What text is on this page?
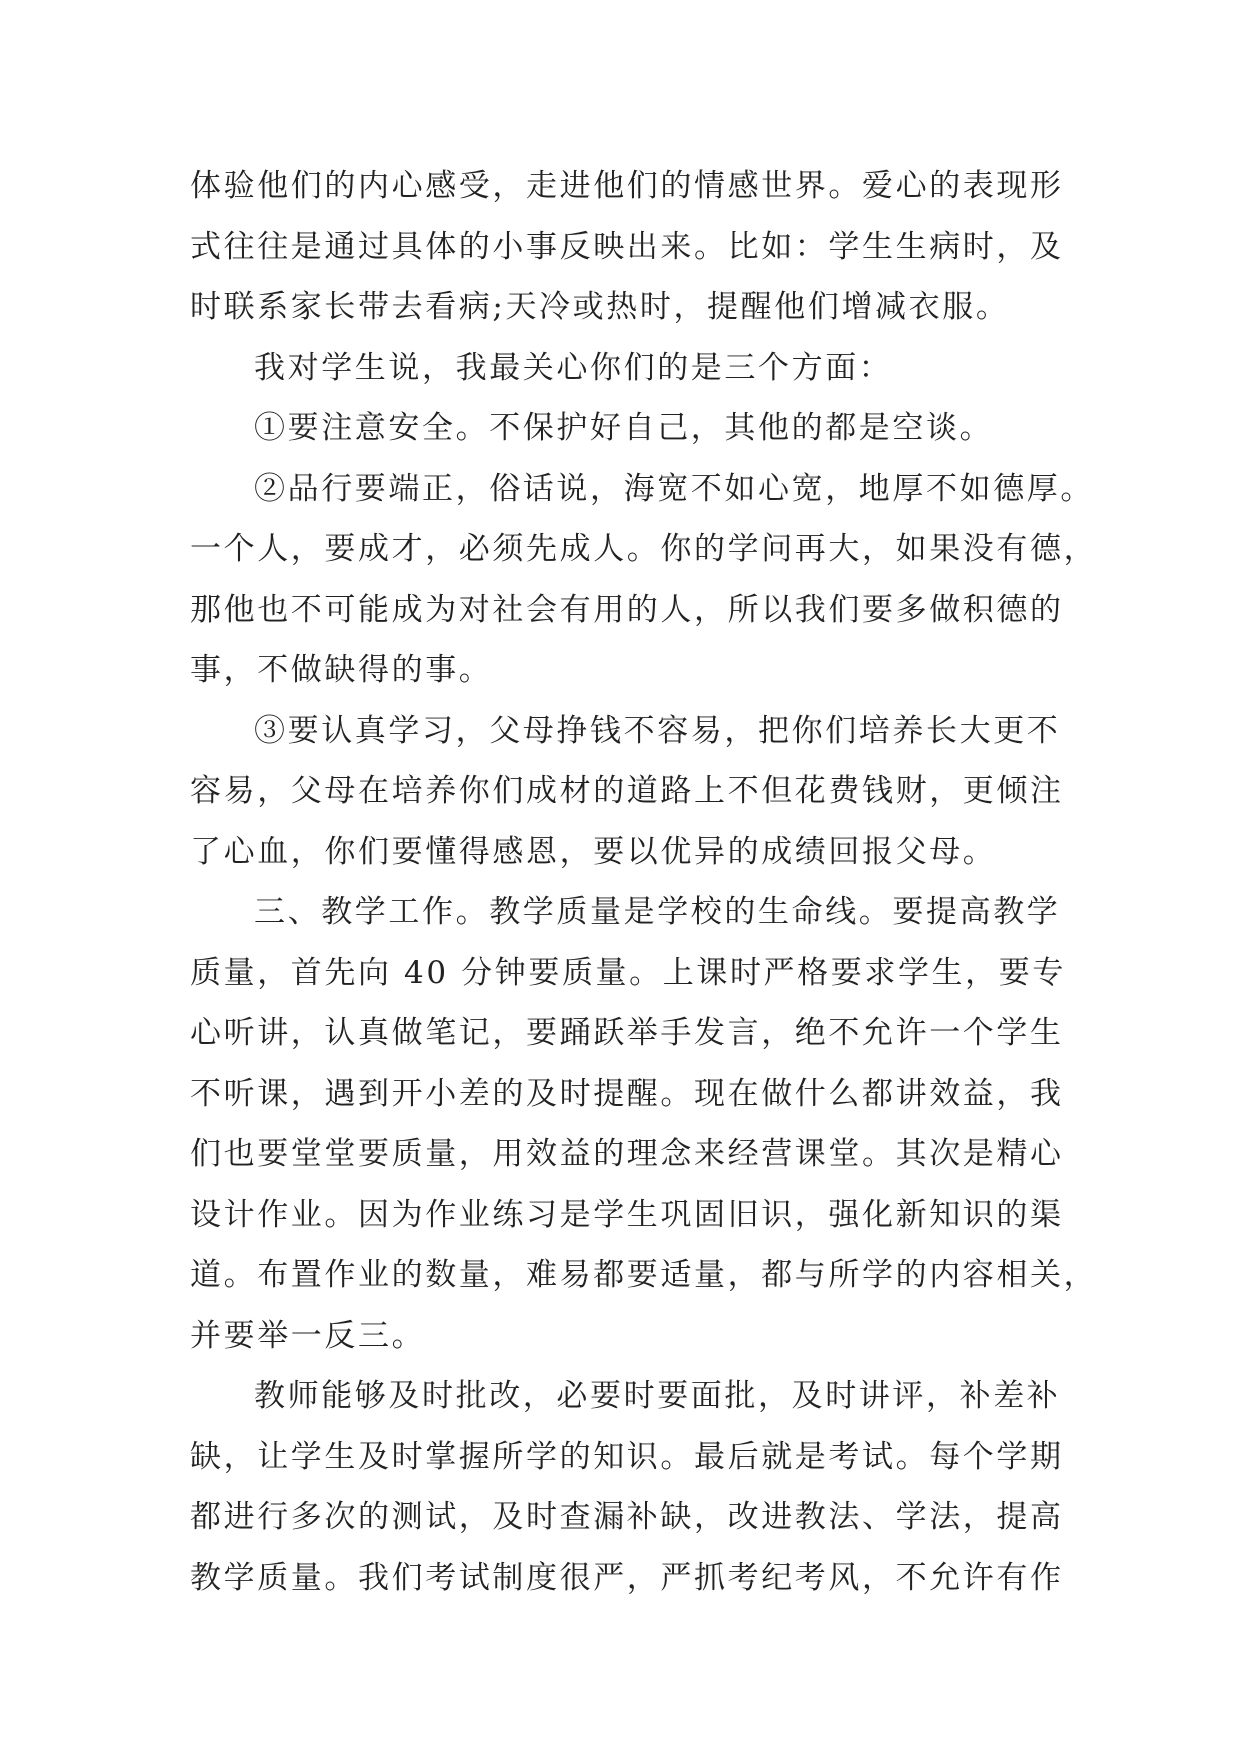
体验他们的内心感受，走进他们的情感世界。爱心的表现形
式往往是通过具体的小事反映出来。比如：学生生病时，及
时联系家长带去看病;天冷或热时，提醒他们增减衣服。
我对学生说，我最关心你们的是三个方面：
①要注意安全。不保护好自己，其他的都是空谈。
②品行要端正，俗话说，海宽不如心宽，地厚不如德厚。
一个人，要成才，必须先成人。你的学问再大，如果没有德，
那他也不可能成为对社会有用的人，所以我们要多做积德的
事，不做缺得的事。
③要认真学习，父母挣钱不容易，把你们培养长大更不
容易，父母在培养你们成材的道路上不但花费钱财，更倾注
了心血，你们要懂得感恩，要以优异的成绩回报父母。
三、教学工作。教学质量是学校的生命线。要提高教学
质量，首先向 40 分钟要质量。上课时严格要求学生，要专
心听讲，认真做笔记，要踊跃举手发言，绝不允许一个学生
不听课，遇到开小差的及时提醒。现在做什么都讲效益，我
们也要堂堂要质量，用效益的理念来经营课堂。其次是精心
设计作业。因为作业练习是学生巩固旧识，强化新知识的渠
道。布置作业的数量，难易都要适量，都与所学的内容相关，
并要举一反三。
教师能够及时批改，必要时要面批，及时讲评，补差补
缺，让学生及时掌握所学的知识。最后就是考试。每个学期
都进行多次的测试，及时查漏补缺，改进教法、学法，提高
教学质量。我们考试制度很严，严抓考纪考风，不允许有作
